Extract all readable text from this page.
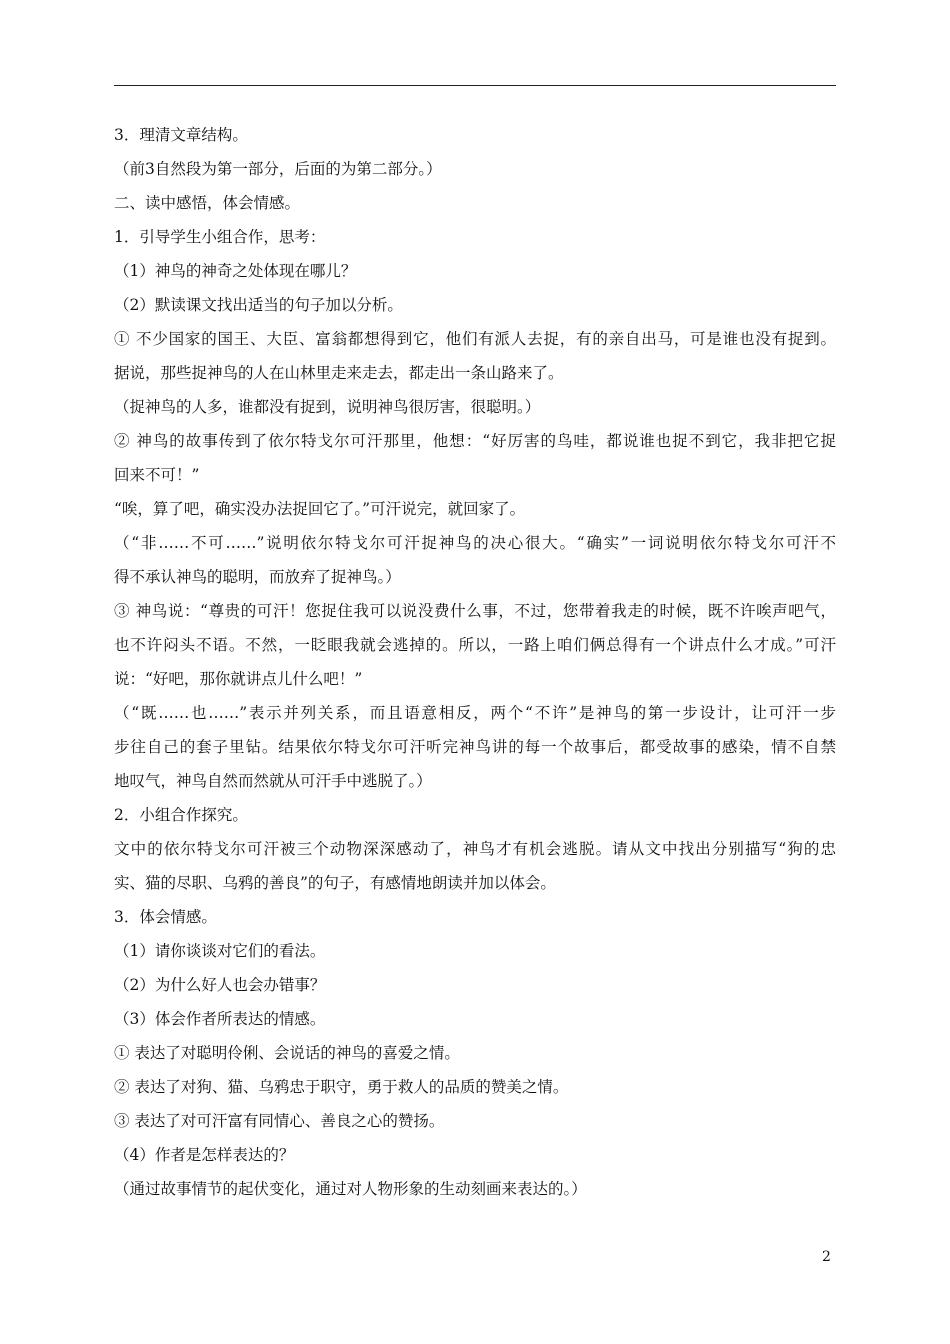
3．理清文章结构。
（前3自然段为第一部分，后面的为第二部分。）
二、读中感悟，体会情感。
1．引导学生小组合作，思考：
（1）神鸟的神奇之处体现在哪儿？
（2）默读课文找出适当的句子加以分析。
① 不少国家的国王、大臣、富翁都想得到它，他们有派人去捉，有的亲自出马，可是谁也没有捉到。
据说，那些捉神鸟的人在山林里走来走去，都走出一条山路来了。
（捉神鸟的人多，谁都没有捉到，说明神鸟很厉害，很聪明。）
② 神鸟的故事传到了依尔特戈尔可汗那里，他想：“好厉害的鸟哇，都说谁也捉不到它，我非把它捉
回来不可！”
“唉，算了吧，确实没办法捉回它了。”可汗说完，就回家了。
（“非……不可……”说明依尔特戈尔可汗捉神鸟的决心很大。“确实”一词说明依尔特戈尔可汗不
得不承认神鸟的聪明，而放弃了捉神鸟。）
③ 神鸟说：“尊贵的可汗！您捉住我可以说没费什么事，不过，您带着我走的时候，既不许唉声吧气，
也不许闷头不语。不然，一眨眼我就会逃掉的。所以，一路上咱们俩总得有一个讲点什么才成。”可汗
说：“好吧，那你就讲点儿什么吧！”
（“既……也……”表示并列关系，而且语意相反，两个“不许”是神鸟的第一步设计，让可汗一步
步往自己的套子里钻。结果依尔特戈尔可汗听完神鸟讲的每一个故事后，都受故事的感染，情不自禁
地叹气，神鸟自然而然就从可汗手中逃脱了。）
2．小组合作探究。
文中的依尔特戈尔可汗被三个动物深深感动了，神鸟才有机会逃脱。请从文中找出分别描写“狗的忠
实、猫的尽职、乌鸦的善良”的句子，有感情地朗读并加以体会。
3．体会情感。
（1）请你谈谈对它们的看法。
（2）为什么好人也会办错事？
（3）体会作者所表达的情感。
① 表达了对聪明伶俐、会说话的神鸟的喜爱之情。
② 表达了对狗、猫、乌鸦忠于职守，勇于救人的品质的赞美之情。
③ 表达了对可汗富有同情心、善良之心的赞扬。
（4）作者是怎样表达的？
（通过故事情节的起伏变化，通过对人物形象的生动刻画来表达的。）
2
